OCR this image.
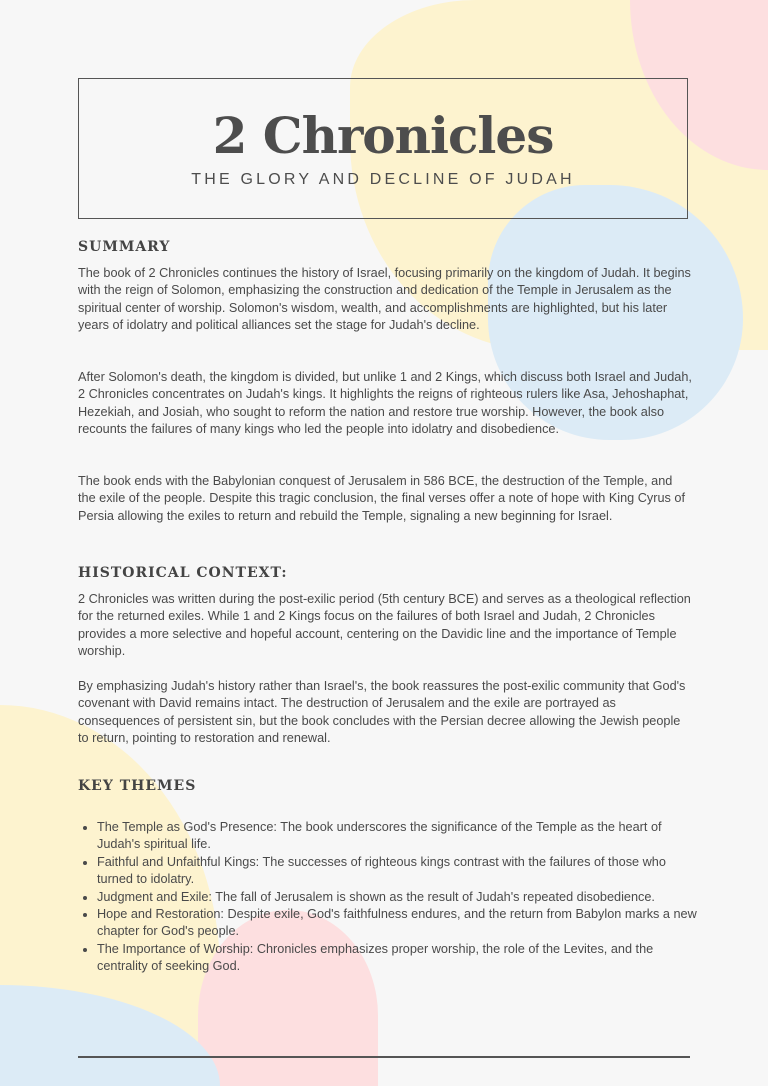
2 Chronicles
THE GLORY AND DECLINE OF JUDAH
SUMMARY

The book of 2 Chronicles continues the history of Israel, focusing primarily on the kingdom of Judah. It begins with the reign of Solomon, emphasizing the construction and dedication of the Temple in Jerusalem as the spiritual center of worship. Solomon's wisdom, wealth, and accomplishments are highlighted, but his later years of idolatry and political alliances set the stage for Judah's decline.

After Solomon's death, the kingdom is divided, but unlike 1 and 2 Kings, which discuss both Israel and Judah, 2 Chronicles concentrates on Judah's kings. It highlights the reigns of righteous rulers like Asa, Jehoshaphat, Hezekiah, and Josiah, who sought to reform the nation and restore true worship. However, the book also recounts the failures of many kings who led the people into idolatry and disobedience.

The book ends with the Babylonian conquest of Jerusalem in 586 BCE, the destruction of the Temple, and the exile of the people. Despite this tragic conclusion, the final verses offer a note of hope with King Cyrus of Persia allowing the exiles to return and rebuild the Temple, signaling a new beginning for Israel.

HISTORICAL CONTEXT:

2 Chronicles was written during the post-exilic period (5th century BCE) and serves as a theological reflection for the returned exiles. While 1 and 2 Kings focus on the failures of both Israel and Judah, 2 Chronicles provides a more selective and hopeful account, centering on the Davidic line and the importance of Temple worship.

By emphasizing Judah's history rather than Israel's, the book reassures the post-exilic community that God's covenant with David remains intact. The destruction of Jerusalem and the exile are portrayed as consequences of persistent sin, but the book concludes with the Persian decree allowing the Jewish people to return, pointing to restoration and renewal.

KEY THEMES
• The Temple as God's Presence: The book underscores the significance of the Temple as the heart of Judah's spiritual life.
• Faithful and Unfaithful Kings: The successes of righteous kings contrast with the failures of those who turned to idolatry.
• Judgment and Exile: The fall of Jerusalem is shown as the result of Judah's repeated disobedience.
• Hope and Restoration: Despite exile, God's faithfulness endures, and the return from Babylon marks a new chapter for God's people.
• The Importance of Worship: Chronicles emphasizes proper worship, the role of the Levites, and the centrality of seeking God.
